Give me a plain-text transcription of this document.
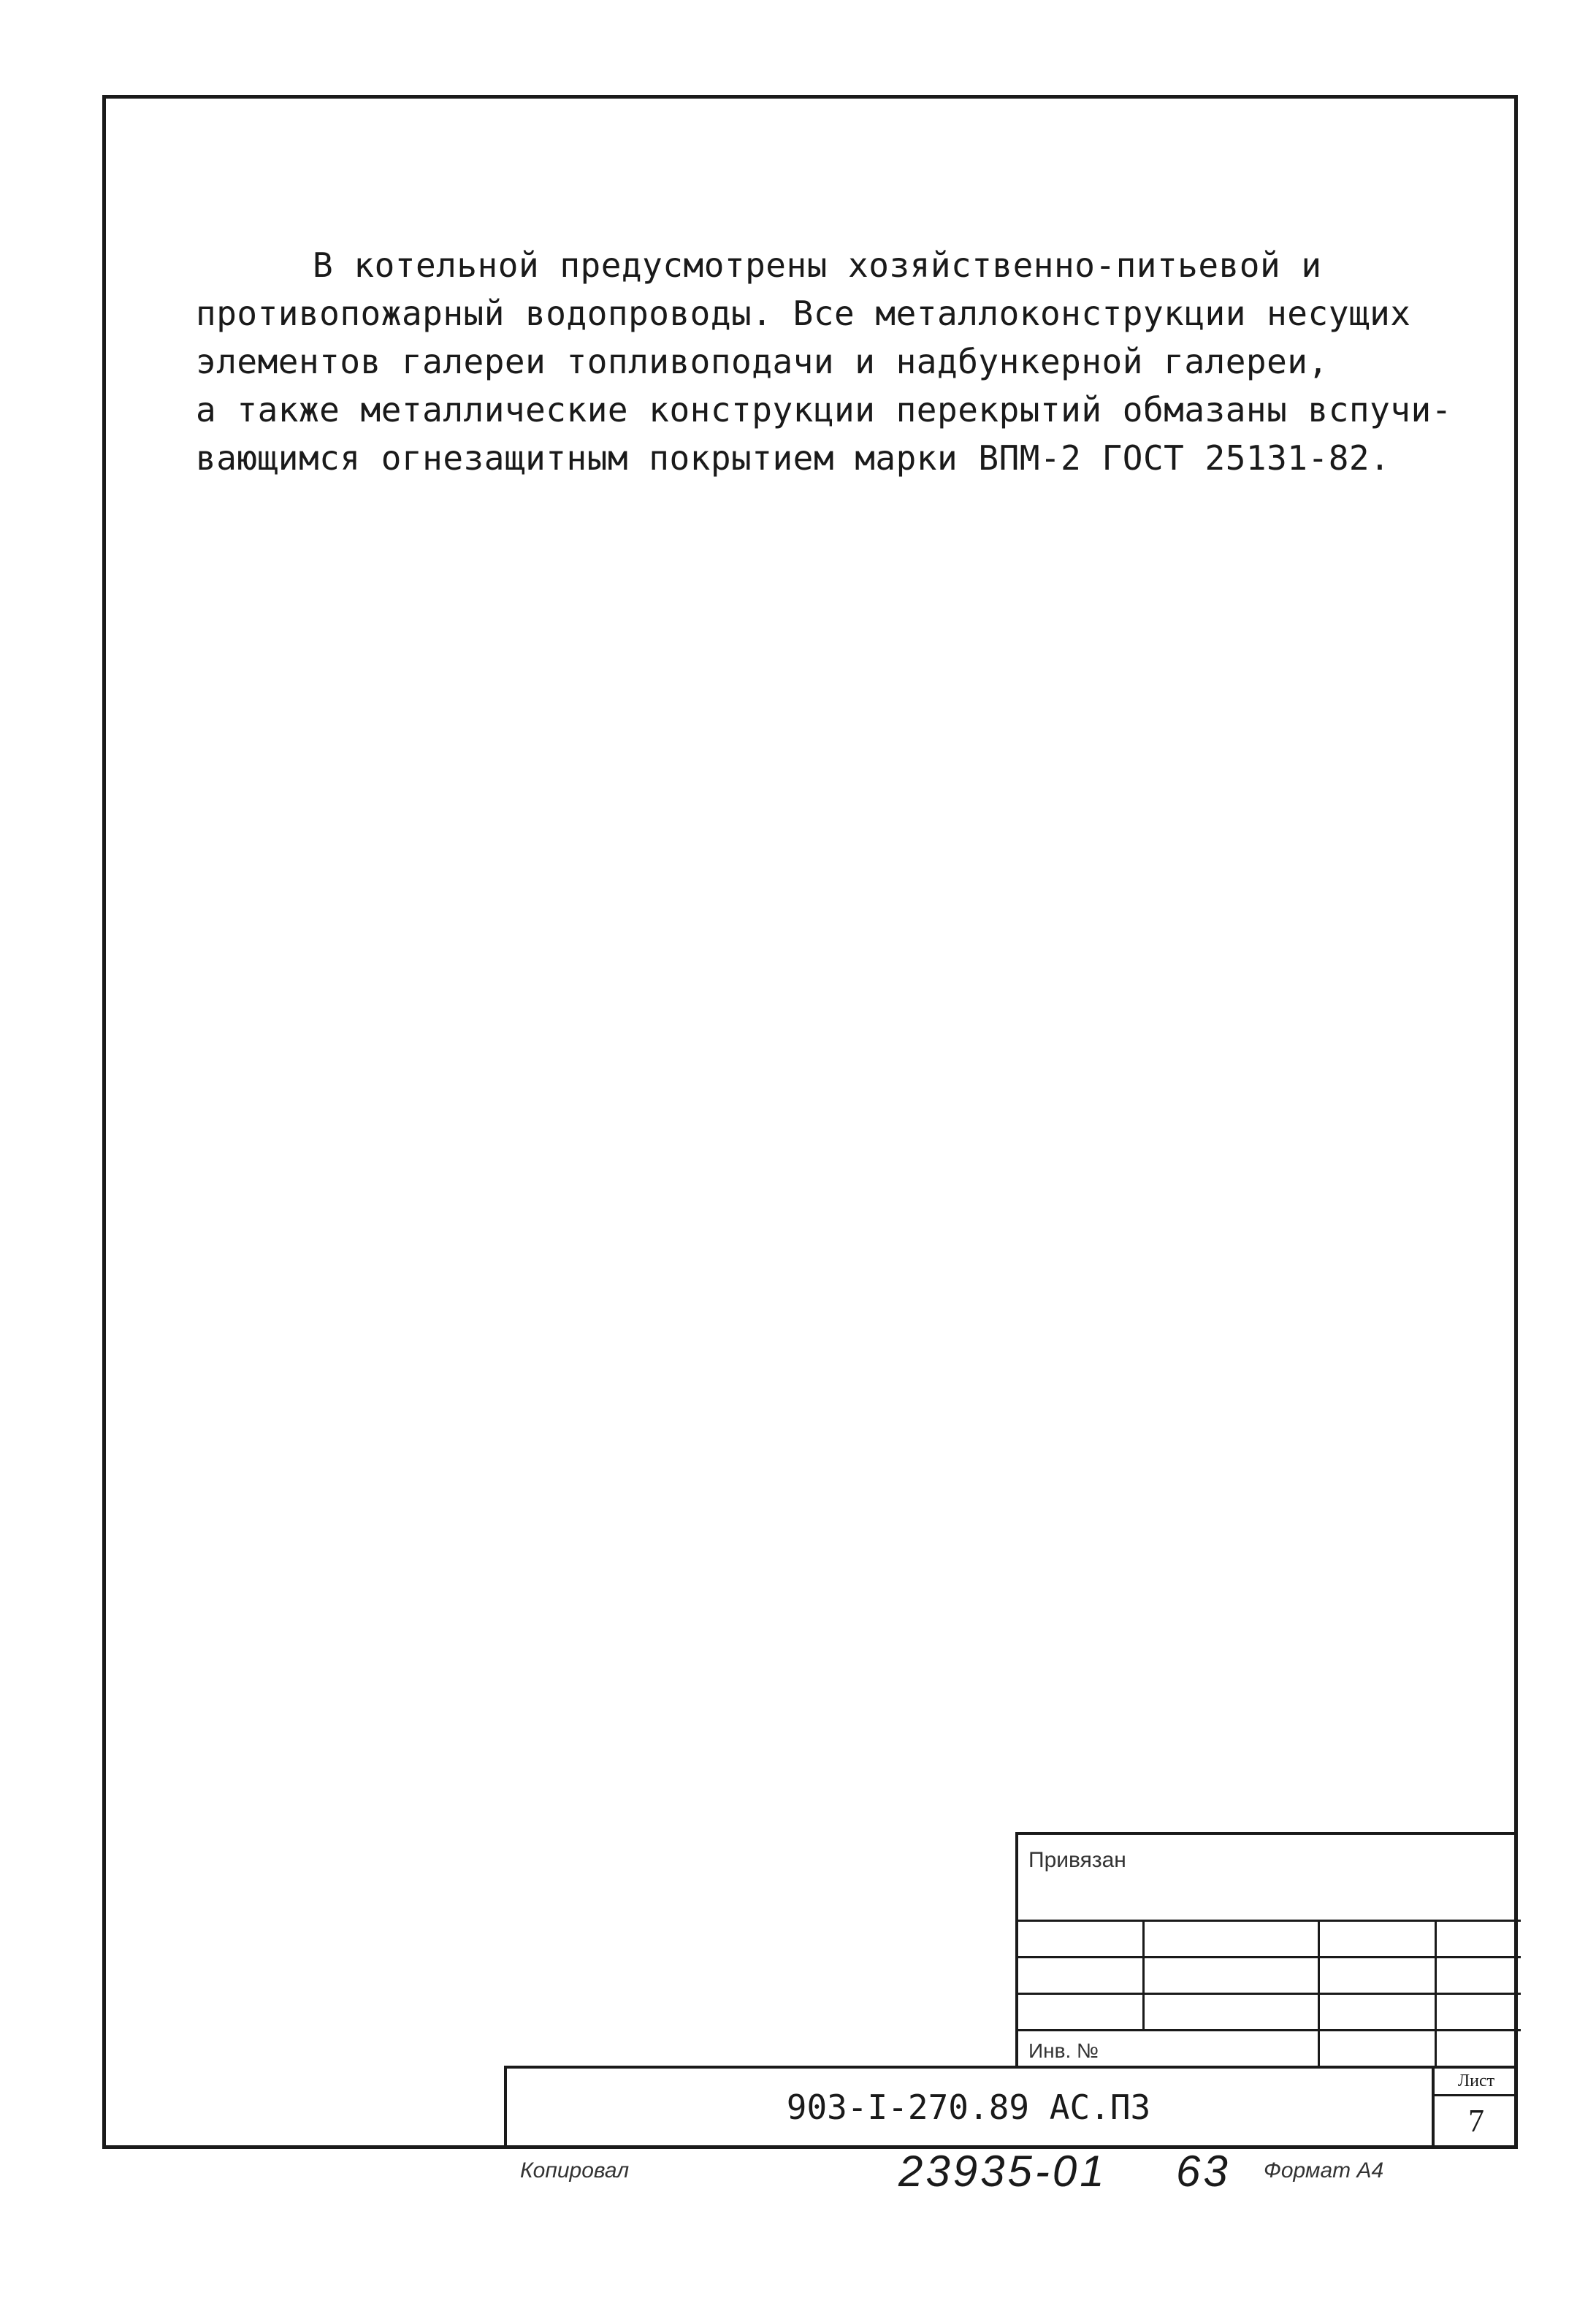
В котельной предусмотрены хозяйственно-питьевой и

противопожарный водопроводы. Все металлоконструкции несущих

элементов галереи топливоподачи и надбункерной галереи,

а также металлические конструкции перекрытий обмазаны вспучи-

вающимся огнезащитным покрытием марки ВПМ-2 ГОСТ 25131-82.

Привязан
Инв. №
903-I-270.89 АС.ПЗ
Лист
7
Копировал	23935-01 63 Формат А4
